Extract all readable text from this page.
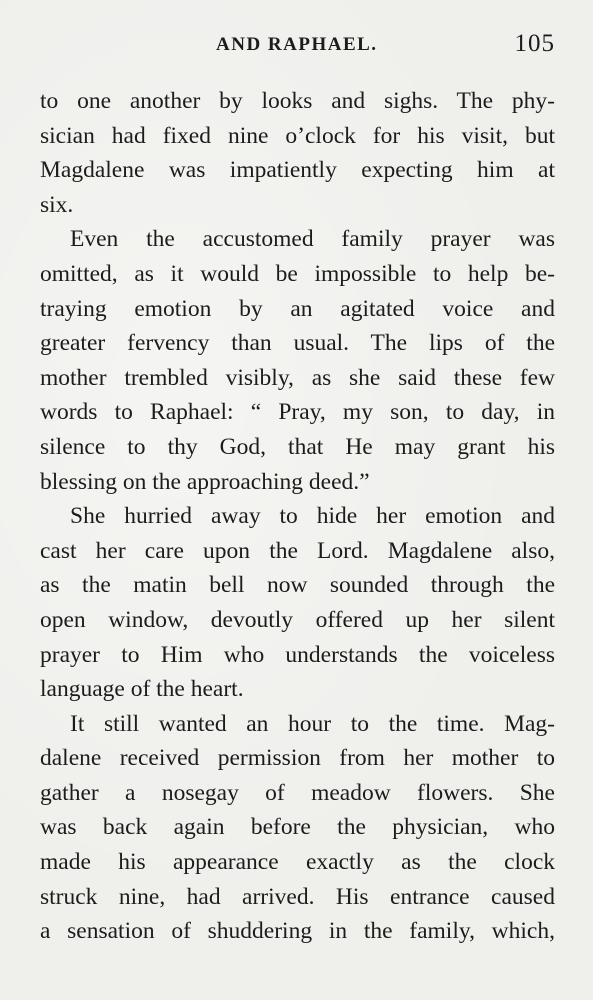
AND RAPHAEL.	105
to one another by looks and sighs. The phy-
sician had fixed nine o’clock for his visit, but
Magdalene was impatiently expecting him at
six.
Even the accustomed family prayer was
omitted, as it would be impossible to help be-
traying emotion by an agitated voice and
greater fervency than usual. The lips of the
mother trembled visibly, as she said these few
words to Raphael: “ Pray, my son, to day, in
silence to thy God, that He may grant his
blessing on the approaching deed.”
She hurried away to hide her emotion and
cast her care upon the Lord. Magdalene also,
as the matin bell now sounded through the
open window, devoutly offered up her silent
prayer to Him who understands the voiceless
language of the heart.
It still wanted an hour to the time. Mag-
dalene received permission from her mother to
gather a nosegay of meadow flowers. She
was back again before the physician, who
made his appearance exactly as the clock
struck nine, had arrived. His entrance caused
a sensation of shuddering in the family, which,
